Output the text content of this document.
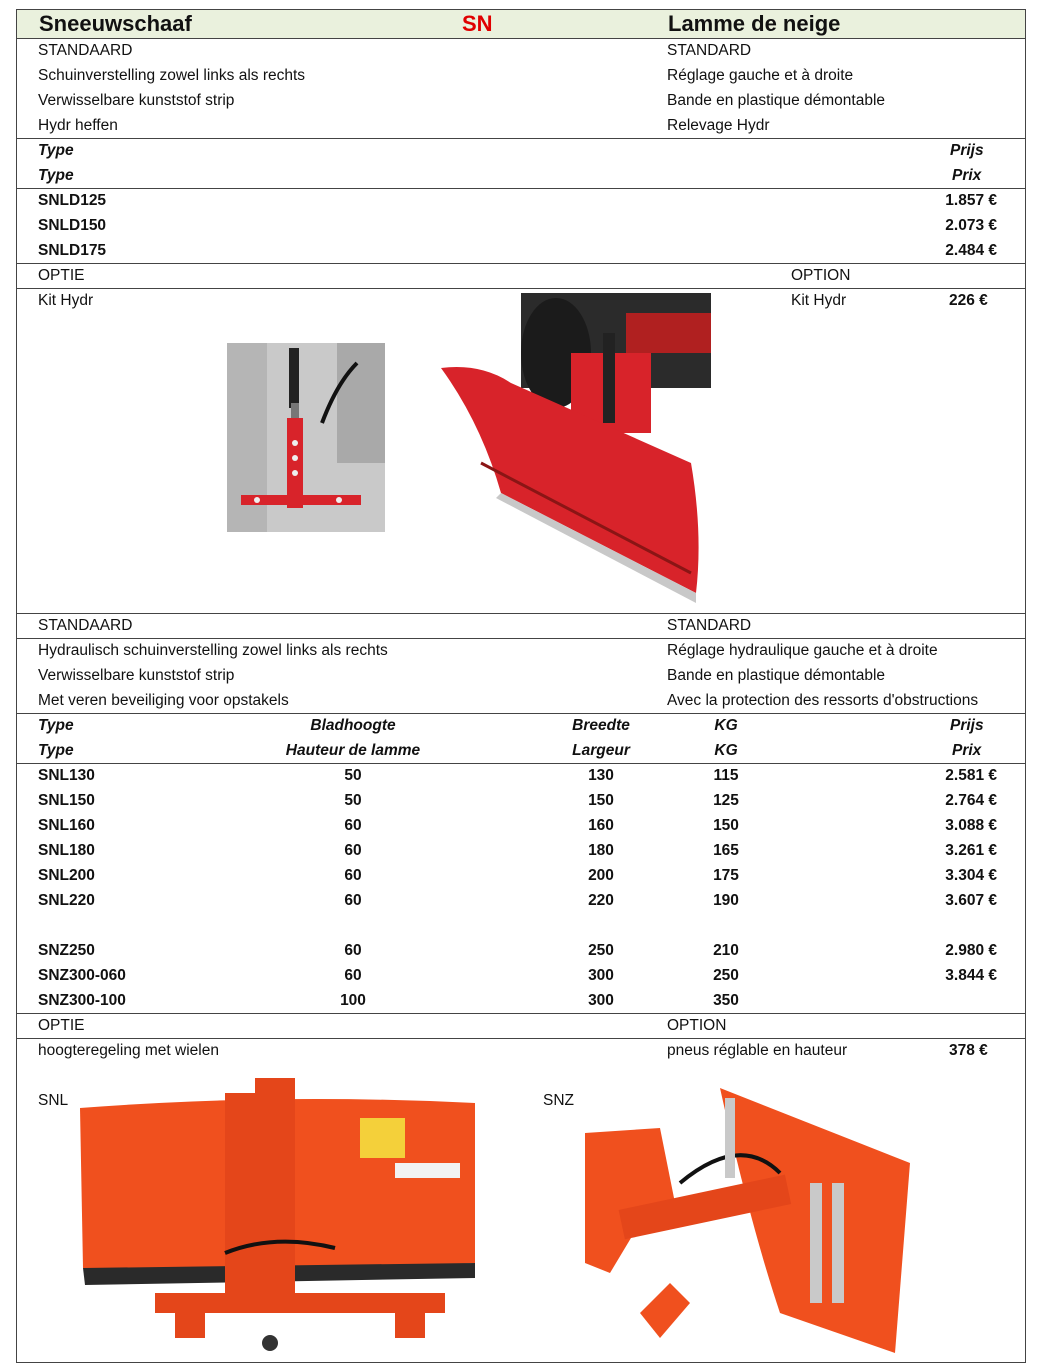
Sneeuwschaaf	SN	Lamme de neige
STANDAARD	STANDARD
Schuinverstelling zowel links als rechts	Réglage gauche et à droite
Verwisselbare kunststof strip	Bande en plastique démontable
Hydr heffen	Relevage Hydr
Type	Prijs
Type	Prix
SNLD125	1.857 €
SNLD150	2.073 €
SNLD175	2.484 €
OPTIE	OPTION
Kit Hydr	Kit Hydr	226 €
STANDAARD	STANDARD
Hydraulisch schuinverstelling zowel links als rechts	Réglage hydraulique gauche et à droite
Verwisselbare kunststof strip	Bande en plastique démontable
Met veren beveiliging voor opstakels	Avec la protection des ressorts d'obstructions
Type	Bladhoogte	Breedte	KG	Prijs
Type	Hauteur de lamme	Largeur	KG	Prix
SNL130	50	130	115	2.581 €
SNL150	50	150	125	2.764 €
SNL160	60	160	150	3.088 €
SNL180	60	180	165	3.261 €
SNL200	60	200	175	3.304 €
SNL220	60	220	190	3.607 €
SNZ250	60	250	210	2.980 €
SNZ300-060	60	300	250	3.844 €
SNZ300-100	100	300	350
OPTIE	OPTION
hoogteregeling met wielen	pneus réglable en hauteur	378 €
SNL	SNZ
